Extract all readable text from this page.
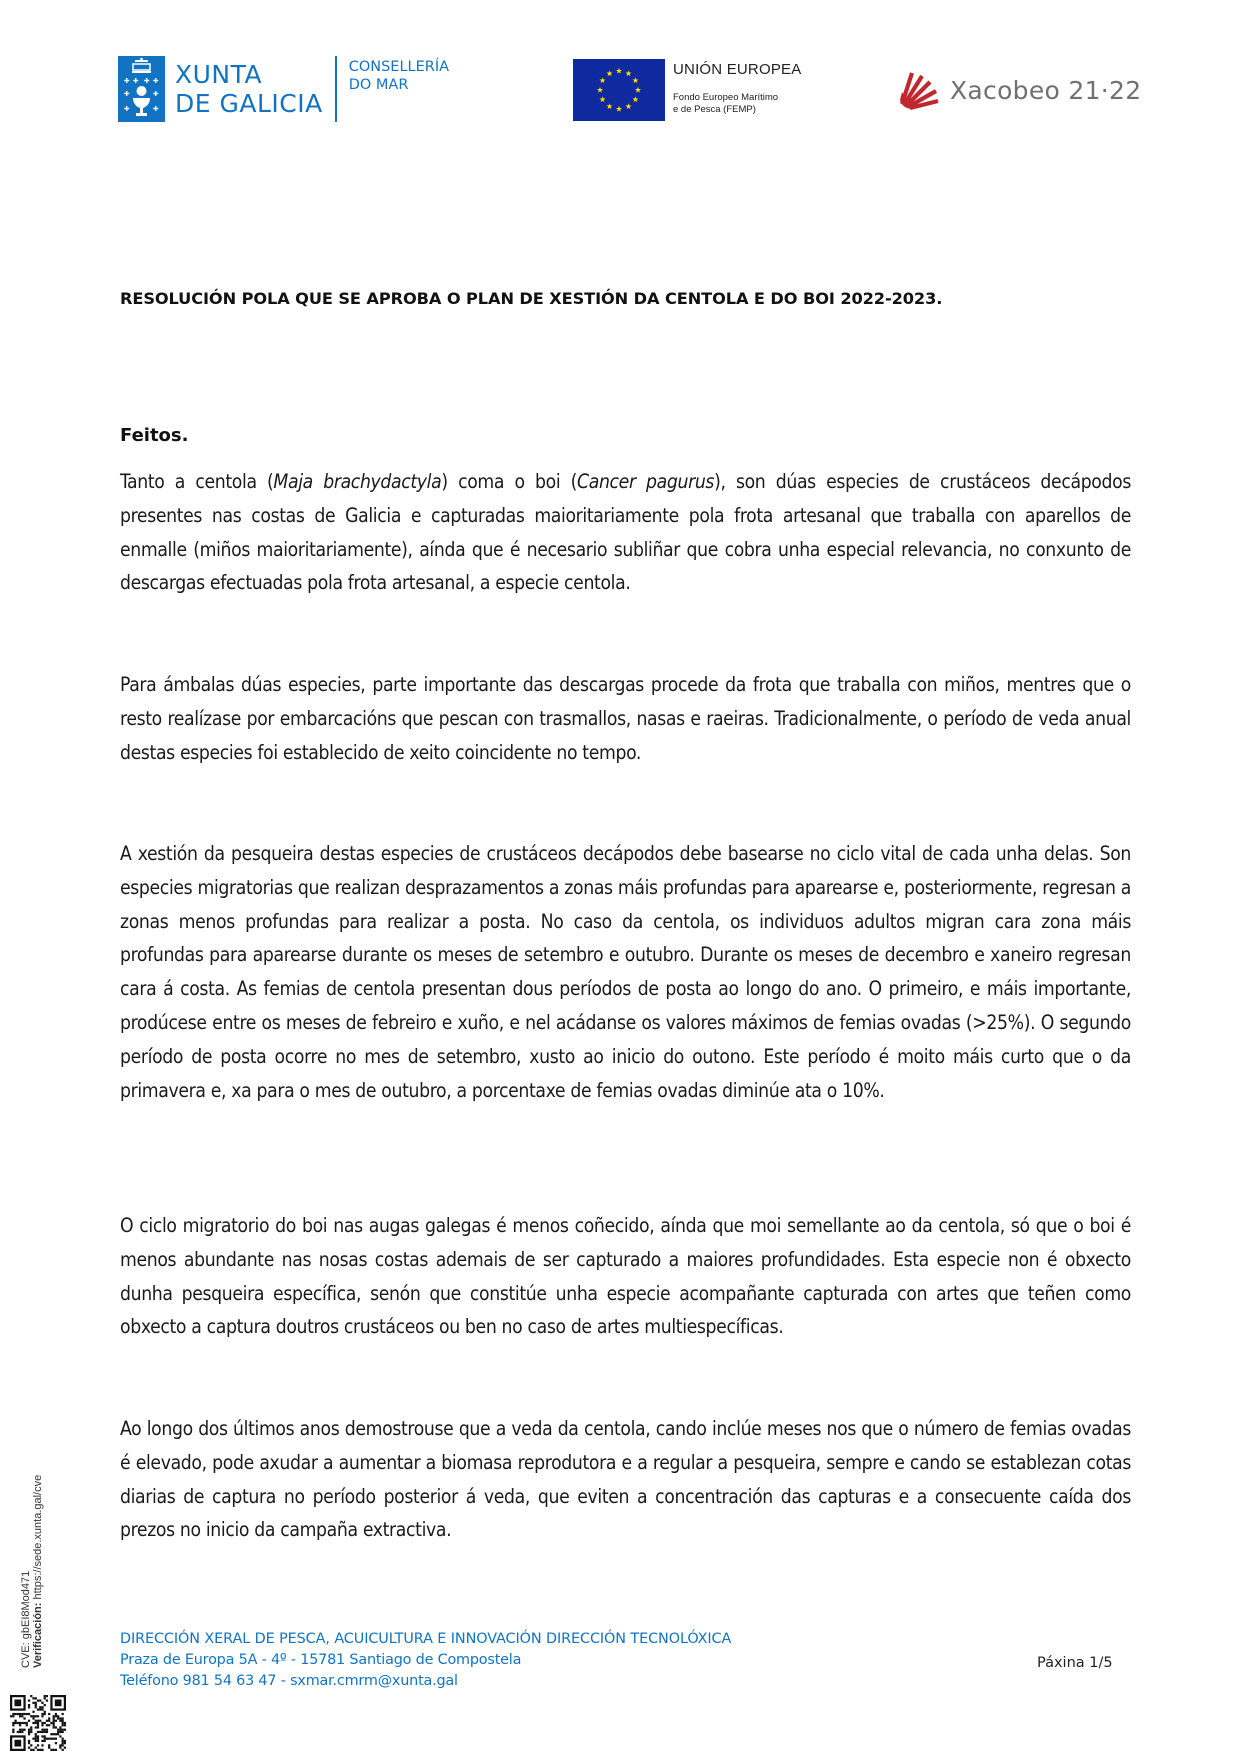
XUNTA
DE GALICIA
CONSELLERÍA
DO MAR
UNIÓN EUROPEA
Fondo Europeo Marítimo
e de Pesca (FEMP)
Xacobeo 21·22
RESOLUCIÓN POLA QUE SE APROBA O PLAN DE XESTIÓN DA CENTOLA E DO BOI 2022-2023.
Feitos.

Tanto a centola (Maja brachydactyla) coma o boi (Cancer pagurus), son dúas especies de crustáceos decápodos presentes nas costas de Galicia e capturadas maioritariamente pola frota artesanal que traballa con aparellos de enmalle (miños maioritariamente), aínda que é necesario subliñar que cobra unha especial relevancia, no conxunto de descargas efectuadas pola frota artesanal, a especie centola.

Para ámbalas dúas especies, parte importante das descargas procede da frota que traballa con miños, mentres que o resto realízase por embarcacións que pescan con trasmallos, nasas e raeiras. Tradicionalmente, o período de veda anual destas especies foi establecido de xeito coincidente no tempo.

A xestión da pesqueira destas especies de crustáceos decápodos debe basearse no ciclo vital de cada unha delas. Son especies migratorias que realizan desprazamentos a zonas máis profundas para aparearse e, posteriormente, regresan a zonas menos profundas para realizar a posta. No caso da centola, os individuos adultos migran cara zona máis profundas para aparearse durante os meses de setembro e outubro. Durante os meses de decembro e xaneiro regresan cara á costa. As femias de centola presentan dous períodos de posta ao longo do ano. O primeiro, e máis importante, prodúcese entre os meses de febreiro e xuño, e nel acádanse os valores máximos de femias ovadas (>25%). O segundo período de posta ocorre no mes de setembro, xusto ao inicio do outono. Este período é moito máis curto que o da primavera e, xa para o mes de outubro, a porcentaxe de femias ovadas diminúe ata o 10%.

O ciclo migratorio do boi nas augas galegas é menos coñecido, aínda que moi semellante ao da centola, só que o boi é menos abundante nas nosas costas ademais de ser capturado a maiores profundidades. Esta especie non é obxecto dunha pesqueira específica, senón que constitúe unha especie acompañante capturada con artes que teñen como obxecto a captura doutros crustáceos ou ben no caso de artes multiespecíficas.

Ao longo dos últimos anos demostrouse que a veda da centola, cando inclúe meses nos que o número de femias ovadas é elevado, pode axudar a aumentar a biomasa reprodutora e a regular a pesqueira, sempre e cando se establezan cotas diarias de captura no período posterior á veda, que eviten a concentración das capturas e a consecuente caída dos prezos no inicio da campaña extractiva.

DIRECCIÓN XERAL DE PESCA, ACUICULTURA E INNOVACIÓN DIRECCIÓN TECNOLÓXICA
Praza de Europa 5A - 4º - 15781 Santiago de Compostela
Teléfono 981 54 63 47 - sxmar.cmrm@xunta.gal
Páxina 1/5
CVE: gbEI8Mod471 Verificación: https://sede.xunta.gal/cve
